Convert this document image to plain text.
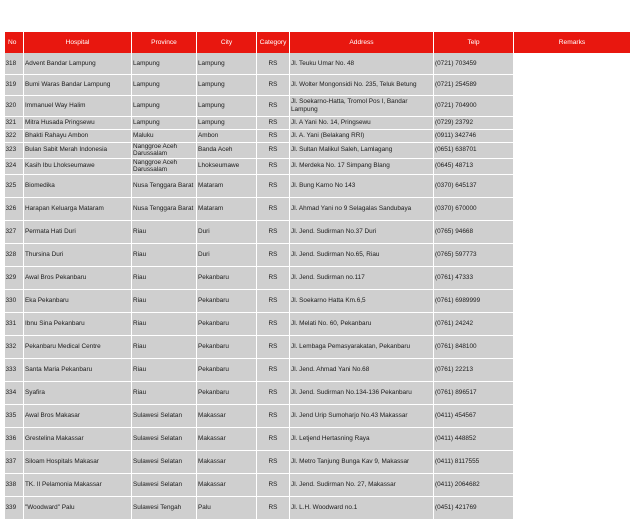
No	Hospital	Province	City	Category	Address	Telp	Remarks
318	Advent Bandar Lampung	Lampung	Lampung	RS	Jl. Teuku Umar No. 48	(0721) 703459	
319	Bumi Waras Bandar Lampung	Lampung	Lampung	RS	Jl. Wolter Mongonsidi No. 235, Teluk Betung	(0721) 254589	
320	Immanuel Way Halim	Lampung	Lampung	RS	Jl. Soekarno-Hatta, Tromol Pos I, Bandar Lampung	(0721) 704900	
321	Mitra Husada Pringsewu	Lampung	Lampung	RS	Jl. A Yani No. 14, Pringsewu	(0729) 23792	
322	Bhakti Rahayu Ambon	Maluku	Ambon	RS	Jl. A. Yani (Belakang RRI)	(0911) 342746	
323	Bulan Sabit Merah Indonesia	Nanggroe Aceh Darussalam	Banda Aceh	RS	Jl. Sultan Malikul Saleh, Lamlagang	(0651) 638701	
324	Kasih Ibu Lhokseumawe	Nanggroe Aceh Darussalam	Lhokseumawe	RS	Jl. Merdeka No. 17 Simpang Blang	(0645) 48713	
325	Biomedika	Nusa Tenggara Barat	Mataram	RS	Jl. Bung Karno No 143	(0370) 645137	
326	Harapan Keluarga Mataram	Nusa Tenggara Barat	Mataram	RS	Jl. Ahmad Yani no 9 Selagalas Sandubaya	(0370) 670000	
327	Permata Hati Duri	Riau	Duri	RS	Jl. Jend. Sudirman No.37 Duri	(0765) 94668	
328	Thursina Duri	Riau	Duri	RS	Jl. Jend. Sudirman No.65, Riau	(0765) 597773	
329	Awal Bros Pekanbaru	Riau	Pekanbaru	RS	Jl. Jend. Sudirman no.117	(0761) 47333	
330	Eka Pekanbaru	Riau	Pekanbaru	RS	Jl. Soekarno Hatta Km.6,5	(0761) 6989999	
331	Ibnu Sina Pekanbaru	Riau	Pekanbaru	RS	Jl. Melati No. 60, Pekanbaru	(0761) 24242	
332	Pekanbaru Medical Centre	Riau	Pekanbaru	RS	Jl. Lembaga Pemasyarakatan, Pekanbaru	(0761) 848100	
333	Santa Maria Pekanbaru	Riau	Pekanbaru	RS	Jl. Jend. Ahmad Yani No.68	(0761) 22213	
334	Syafira	Riau	Pekanbaru	RS	Jl. Jend. Sudirman No.134-136 Pekanbaru	(0761) 896517	
335	Awal Bros Makasar	Sulawesi Selatan	Makassar	RS	Jl. Jend Urip Sumoharjo No.43 Makassar	(0411) 454567	
336	Grestelina Makassar	Sulawesi Selatan	Makassar	RS	Jl. Letjend Hertasning Raya	(0411) 448852	
337	Siloam Hospitals Makasar	Sulawesi Selatan	Makassar	RS	Jl. Metro Tanjung Bunga Kav 9, Makassar	(0411) 8117555	
338	TK. II Pelamonia Makassar	Sulawesi Selatan	Makassar	RS	Jl. Jend. Sudirman No. 27, Makassar	(0411) 2064682	
339	"Woodward" Palu	Sulawesi Tengah	Palu	RS	Jl. L.H. Woodward no.1	(0451) 421769	
